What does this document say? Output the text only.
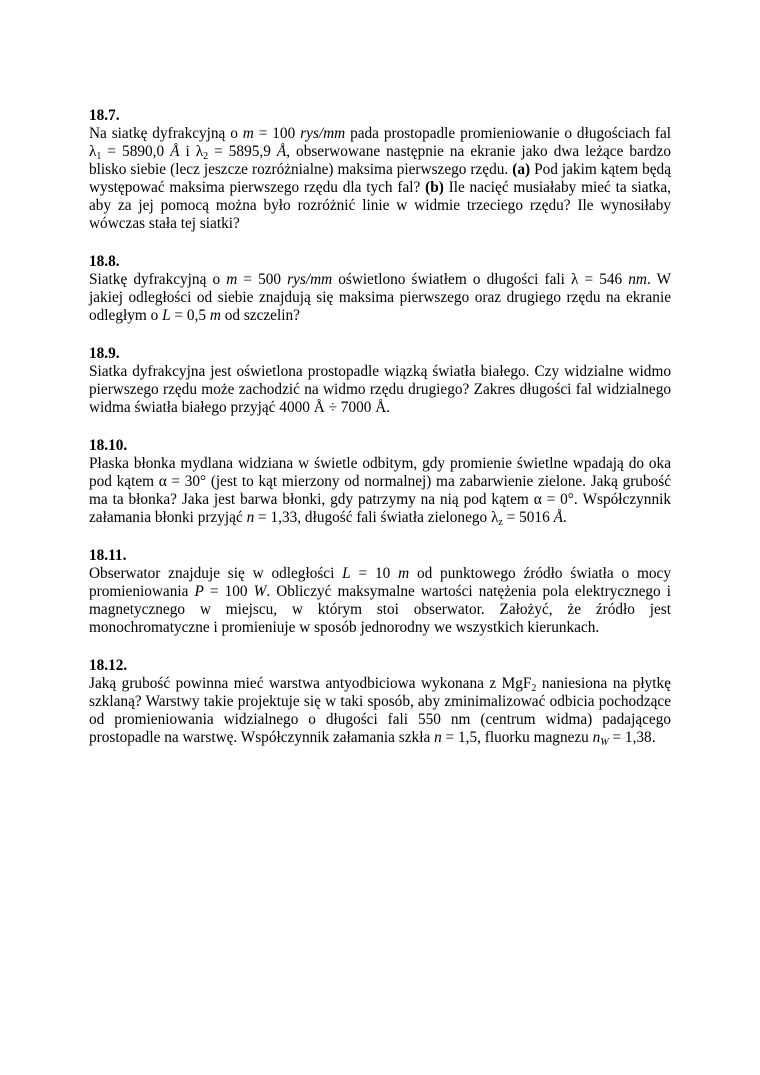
18.7.

Na siatkę dyfrakcyjną o m = 100 rys/mm pada prostopadle promieniowanie o długościach fal $\lambda_1 = 5890,0$ Å i $\lambda_2 = 5895,9$ Å, obserwowane następnie na ekranie jako dwa leżące bardzo blisko siebie (lecz jeszcze rozróżnialne) maksima pierwszego rzędu. (a) Pod jakim kątem będą występować maksima pierwszego rzędu dla tych fal? (b) Ile nacięć musiałaby mieć ta siatka, aby za jej pomocą można było rozróżnić linie w widmie trzeciego rzędu? Ile wynosiłaby wówczas stała tej siatki?

18.8.

Siatkę dyfrakcyjną o m = 500 rys/mm oświetlono światłem o długości fali λ = 546 nm. W jakiej odległości od siebie znajdują się maksima pierwszego oraz drugiego rzędu na ekranie odległym o L = 0,5 m od szczelin?

18.9.

Siatka dyfrakcyjna jest oświetlona prostopadle wiązką światła białego. Czy widzialne widmo pierwszego rzędu może zachodzić na widmo rzędu drugiego? Zakres długości fal widzialnego widma światła białego przyjąć 4000 Å ÷ 7000 Å.

18.10.

Płaska błonka mydlana widziana w świetle odbitym, gdy promienie świetlne wpadają do oka pod kątem α = 30° (jest to kąt mierzony od normalnej) ma zabarwienie zielone. Jaką grubość ma ta błonka? Jaka jest barwa błonki, gdy patrzymy na nią pod kątem α = 0°. Współczynnik załamania błonki przyjąć n = 1,33, długość fali światła zielonego $\lambda_z = 5016$ Å.

18.11.

Obserwator znajduje się w odległości L = 10 m od punktowego źródło światła o mocy promieniowania P = 100 W. Obliczyć maksymalne wartości natężenia pola elektrycznego i magnetycznego w miejscu, w którym stoi obserwator. Założyć, że źródło jest monochromatyczne i promieniuje w sposób jednorodny we wszystkich kierunkach.

18.12.

Jaką grubość powinna mieć warstwa antyodbiciowa wykonana z MgF$_2$ naniesiona na płytkę szklaną? Warstwy takie projektuje się w taki sposób, aby zminimalizować odbicia pochodzące od promieniowania widzialnego o długości fali 550 nm (centrum widma) padającego prostopadle na warstwę. Współczynnik załamania szkła n = 1,5, fluorku magnezu $n_W = 1,38$.
